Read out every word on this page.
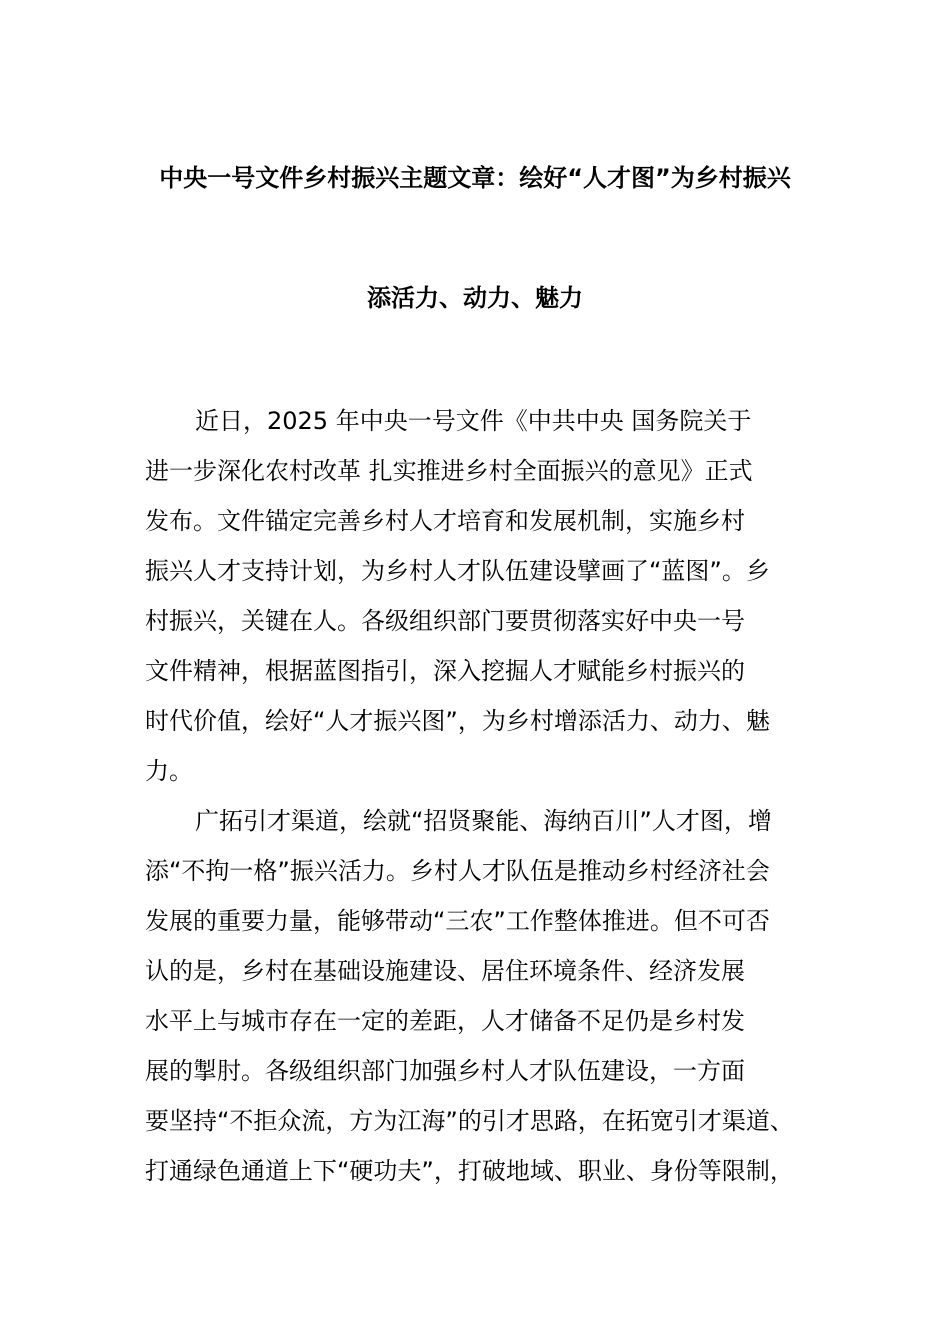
中央一号文件乡村振兴主题文章：绘好“人才图”为乡村振兴
添活力、动力、魅力
近日，2025 年中央一号文件《中共中央 国务院关于
进一步深化农村改革 扎实推进乡村全面振兴的意见》正式
发布。文件锚定完善乡村人才培育和发展机制，实施乡村
振兴人才支持计划，为乡村人才队伍建设擘画了“蓝图”。乡
村振兴，关键在人。各级组织部门要贯彻落实好中央一号
文件精神，根据蓝图指引，深入挖掘人才赋能乡村振兴的
时代价值，绘好“人才振兴图”，为乡村增添活力、动力、魅
力。
广拓引才渠道，绘就“招贤聚能、海纳百川”人才图，增
添“不拘一格”振兴活力。乡村人才队伍是推动乡村经济社会
发展的重要力量，能够带动“三农”工作整体推进。但不可否
认的是，乡村在基础设施建设、居住环境条件、经济发展
水平上与城市存在一定的差距，人才储备不足仍是乡村发
展的掣肘。各级组织部门加强乡村人才队伍建设，一方面
要坚持“不拒众流，方为江海”的引才思路，在拓宽引才渠道、
打通绿色通道上下“硬功夫”，打破地域、职业、身份等限制，
